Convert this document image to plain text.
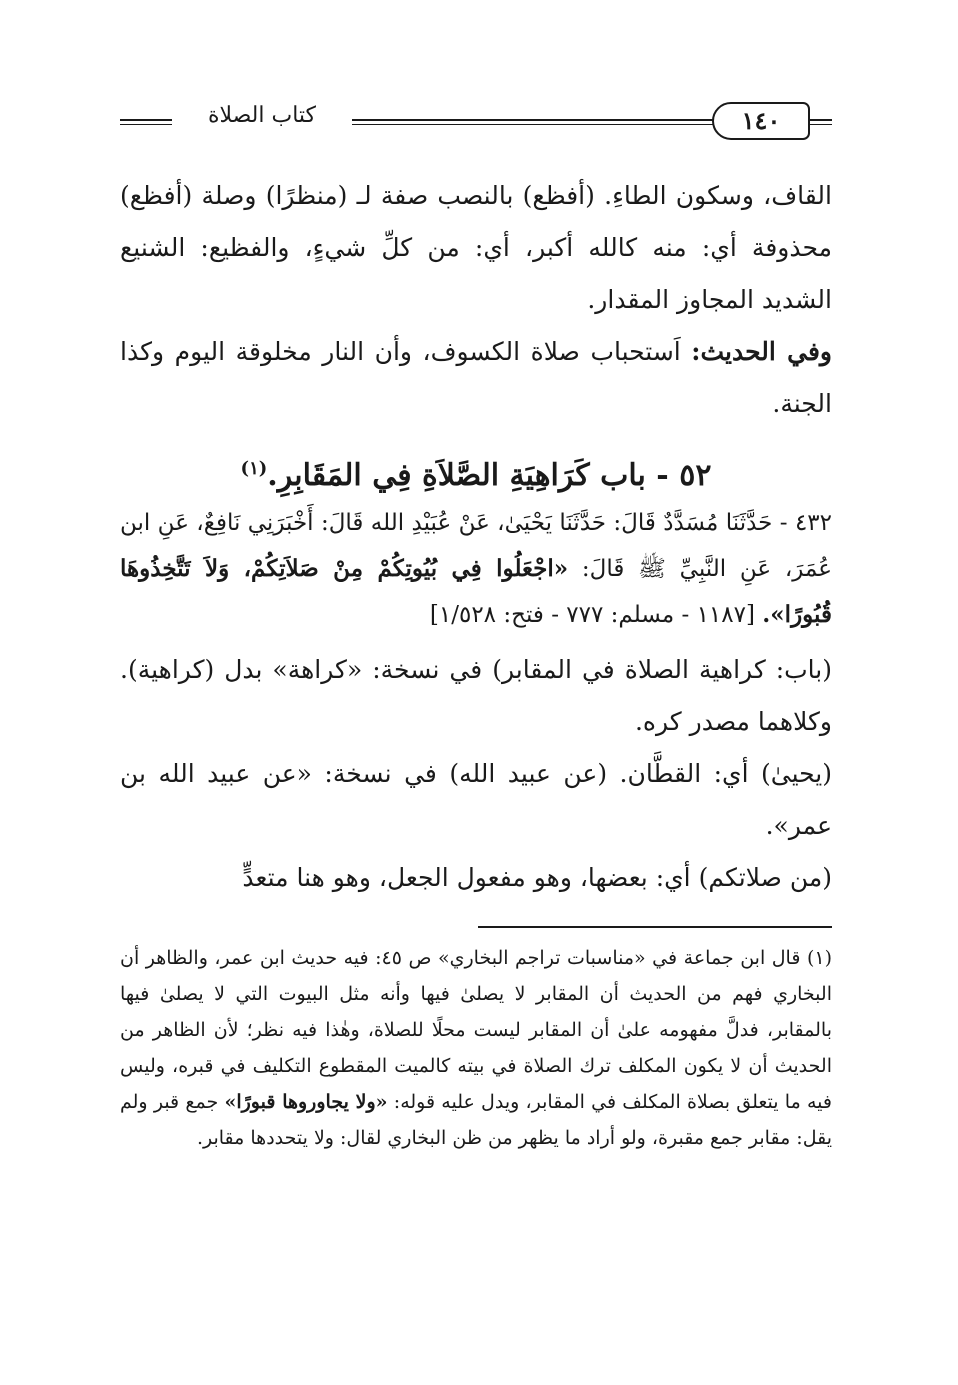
كتاب الصلاة	١٤٠

القاف، وسكون الطاءِ. (أفظع) بالنصب صفة لـ (منظرًا) وصلة (أفظع) محذوفة أي: منه كالله أكبر، أي: من كلِّ شيءٍ، والفظيع: الشنيع الشديد المجاوز المقدار.

وفي الحديث: اَستحباب صلاة الكسوف، وأن النار مخلوقة اليوم وكذا الجنة.

٥٢ - باب كَرَاهِيَةِ الصَّلاَةِ فِي المَقَابِرِ.$^{(١)}$

٤٣٢ - حَدَّثَنَا مُسَدَّدٌ قَالَ: حَدَّثَنَا يَحْيَىٰ، عَنْ عُبَيْدِ الله قَالَ: أَخْبَرَنِي نَافِعٌ، عَنِ ابن عُمَرَ، عَنِ النَّبِيِّ ﷺ قَالَ: «اجْعَلُوا فِي بُيُوتِكُمْ مِنْ صَلاَتِكُمْ، وَلاَ تَتَّخِذُوهَا قُبُورًا». [١١٨٧ - مسلم: ٧٧٧ - فتح: ١/٥٢٨]

(باب: كراهية الصلاة في المقابر) في نسخة: «كراهة» بدل (كراهية). وكلاهما مصدر كره.

(يحيىٰ) أي: القطَّان. (عن عبيد الله) في نسخة: «عن عبيد الله بن عمر».

(من صلاتكم) أي: بعضها، وهو مفعول الجعل، وهو هنا متعدٍّ

(١) قال ابن جماعة في «مناسبات تراجم البخاري» ص ٤٥: فيه حديث ابن عمر، والظاهر أن البخاري فهم من الحديث أن المقابر لا يصلىٰ فيها وأنه مثل البيوت التي لا يصلىٰ فيها بالمقابر، فدلَّ مفهومه علىٰ أن المقابر ليست محلًا للصلاة، وهٰذا فيه نظر؛ لأن الظاهر من الحديث أن لا يكون المكلف ترك الصلاة في بيته كالميت المقطوع التكليف في قبره، وليس فيه ما يتعلق بصلاة المكلف في المقابر، ويدل عليه قوله: «ولا يجاوروها قبورًا» جمع قبر ولم يقل: مقابر جمع مقبرة، ولو أراد ما يظهر من ظن البخاري لقال: ولا يتحددها مقابر.
